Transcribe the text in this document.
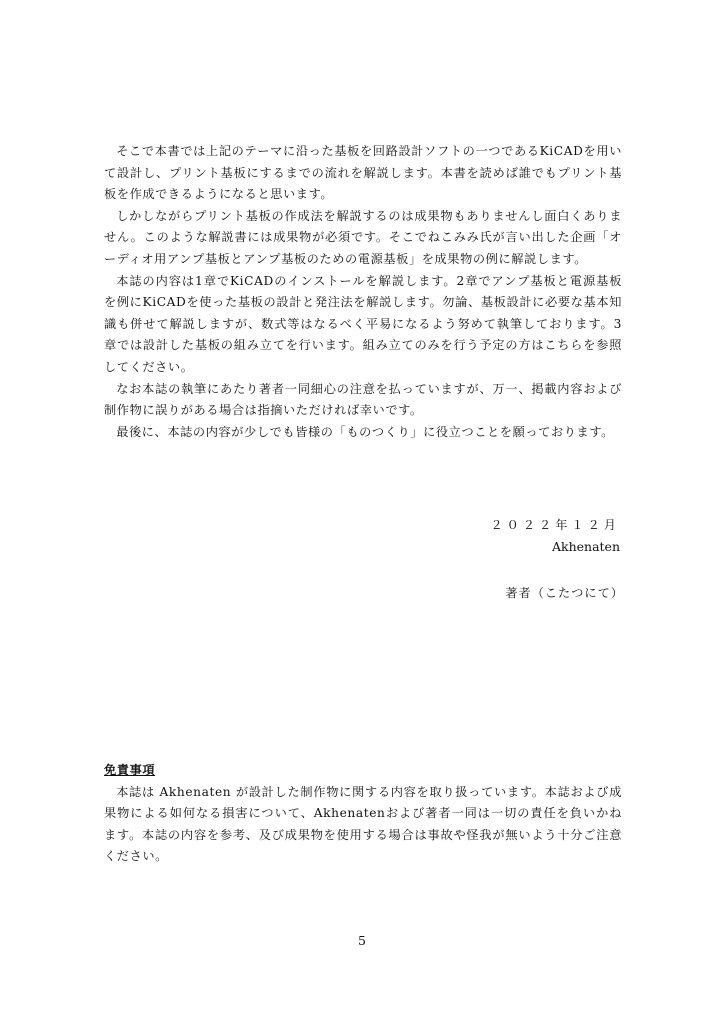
そこで本書では上記のテーマに沿った基板を回路設計ソフトの一つであるKiCADを用いて設計し、プリント基板にするまでの流れを解説します。本書を読めば誰でもプリント基板を作成できるようになると思います。

しかしながらプリント基板の作成法を解説するのは成果物もありませんし面白くありません。このような解説書には成果物が必須です。そこでねこみみ氏が言い出した企画「オーディオ用アンプ基板とアンプ基板のための電源基板」を成果物の例に解説します。

本誌の内容は1章でKiCADのインストールを解説します。2章でアンプ基板と電源基板を例にKiCADを使った基板の設計と発注法を解説します。勿論、基板設計に必要な基本知識も併せて解説しますが、数式等はなるべく平易になるよう努めて執筆しております。3章では設計した基板の組み立てを行います。組み立てのみを行う予定の方はこちらを参照してください。

なお本誌の執筆にあたり著者一同細心の注意を払っていますが、万一、掲載内容および制作物に誤りがある場合は指摘いただければ幸いです。

最後に、本誌の内容が少しでも皆様の「ものつくり」に役立つことを願っております。

２０２２年１２月
Akhenaten
著者（こたつにて）
免責事項

本誌は Akhenaten が設計した制作物に関する内容を取り扱っています。本誌および成果物による如何なる損害について、Akhenatenおよび著者一同は一切の責任を負いかねます。本誌の内容を参考、及び成果物を使用する場合は事故や怪我が無いよう十分ご注意ください。

5
